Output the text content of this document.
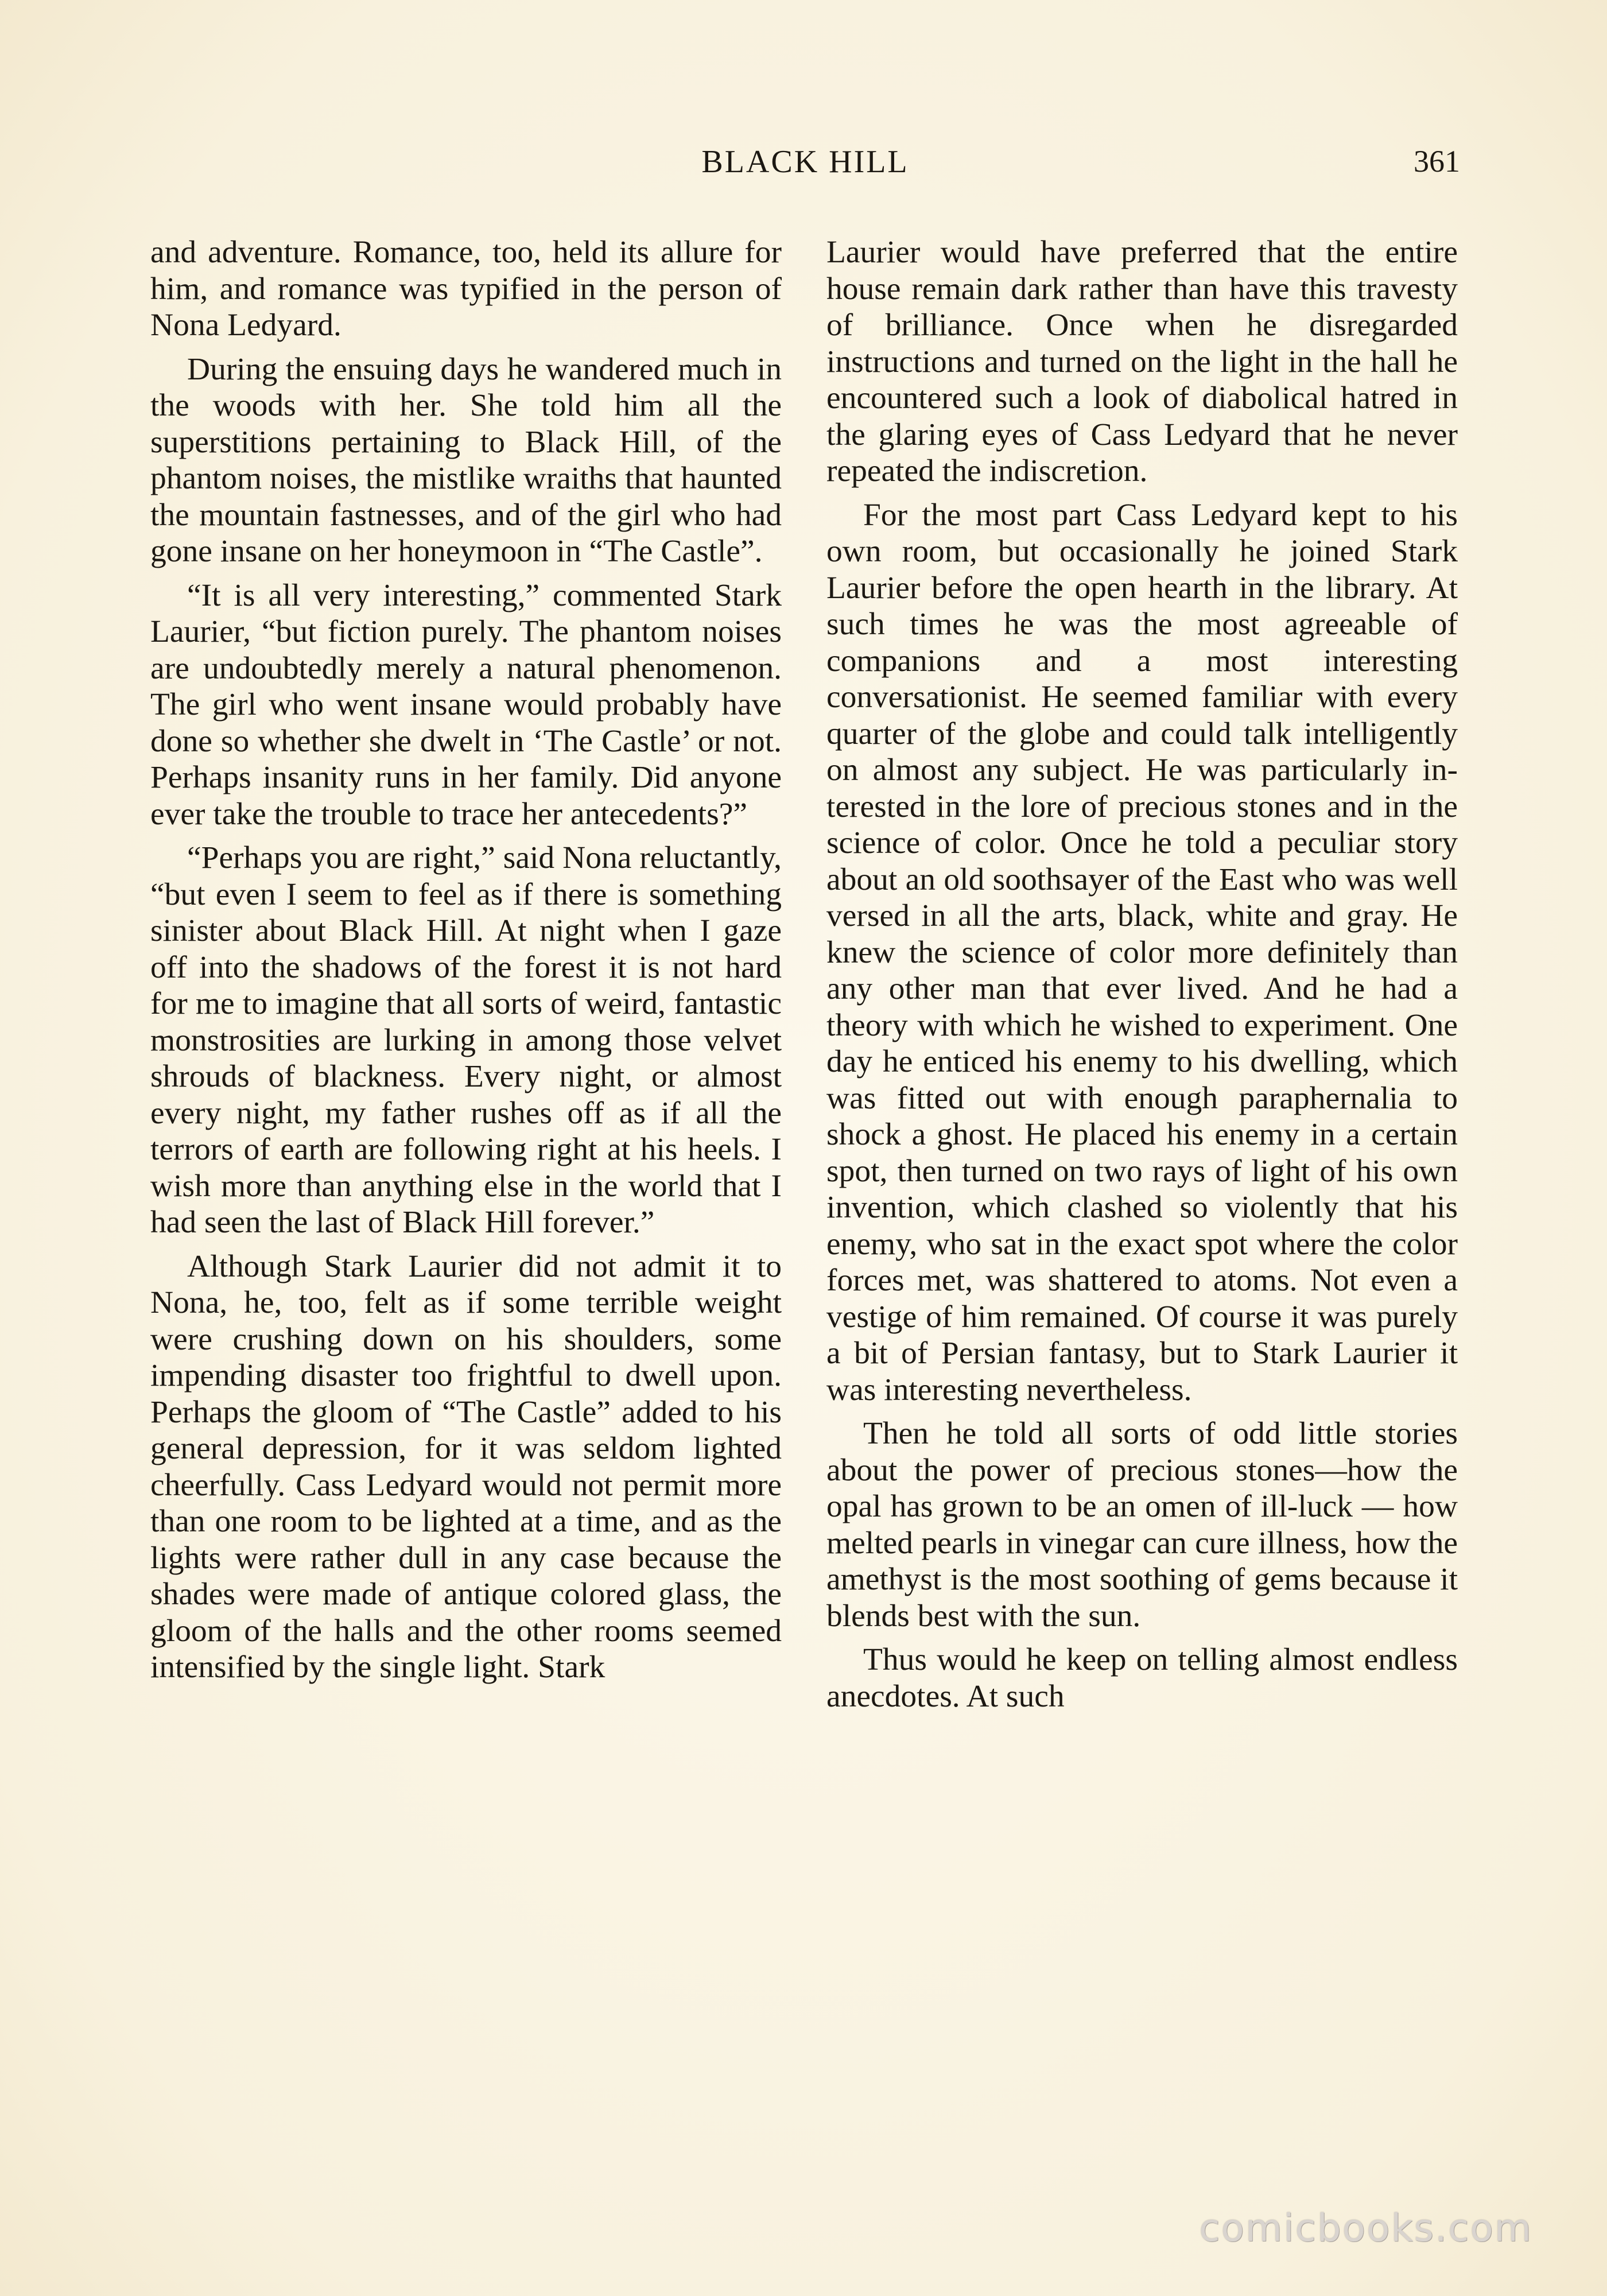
BLACK HILL	361

and adventure. Romance, too, held its allure for him, and romance was typified in the person of Nona Ledyard.

During the ensuing days he wandered much in the woods with her. She told him all the superstitions pertaining to Black Hill, of the phantom noises, the mistlike wraiths that haunted the mountain fastnesses, and of the girl who had gone insane on her honeymoon in “The Castle”.

“It is all very interesting,” commented Stark Laurier, “but fiction purely. The phantom noises are undoubtedly merely a natural phenomenon. The girl who went insane would probably have done so whether she dwelt in ‘The Castle’ or not. Perhaps insanity runs in her family. Did anyone ever take the trouble to trace her antecedents?”

“Perhaps you are right,” said Nona reluctantly, “but even I seem to feel as if there is something sinister about Black Hill. At night when I gaze off into the shadows of the forest it is not hard for me to imagine that all sorts of weird, fantastic monstrosities are lurking in among those velvet shrouds of blackness. Every night, or almost every night, my father rushes off as if all the terrors of earth are following right at his heels. I wish more than anything else in the world that I had seen the last of Black Hill forever.”

Although Stark Laurier did not admit it to Nona, he, too, felt as if some terrible weight were crushing down on his shoulders, some impending disaster too frightful to dwell upon. Perhaps the gloom of “The Castle” added to his general depression, for it was seldom lighted cheerfully. Cass Ledyard would not permit more than one room to be lighted at a time, and as the lights were rather dull in any case because the shades were made of antique colored glass, the gloom of the halls and the other rooms seemed intensified by the single light. Stark

Laurier would have preferred that the entire house remain dark rather than have this travesty of brilliance. Once when he disregarded instructions and turned on the light in the hall he encountered such a look of diabolical hatred in the glaring eyes of Cass Ledyard that he never repeated the indiscretion.

For the most part Cass Ledyard kept to his own room, but occasionally he joined Stark Laurier before the open hearth in the library. At such times he was the most agreeable of companions and a most interesting conversationist. He seemed familiar with every quarter of the globe and could talk intelligently on almost any subject. He was particularly interested in the lore of precious stones and in the science of color. Once he told a peculiar story about an old soothsayer of the East who was well versed in all the arts, black, white and gray. He knew the science of color more definitely than any other man that ever lived. And he had a theory with which he wished to experiment. One day he enticed his enemy to his dwelling, which was fitted out with enough paraphernalia to shock a ghost. He placed his enemy in a certain spot, then turned on two rays of light of his own invention, which clashed so violently that his enemy, who sat in the exact spot where the color forces met, was shattered to atoms. Not even a vestige of him remained. Of course it was purely a bit of Persian fantasy, but to Stark Laurier it was interesting nevertheless.

Then he told all sorts of odd little stories about the power of precious stones—how the opal has grown to be an omen of ill-luck — how melted pearls in vinegar can cure illness, how the amethyst is the most soothing of gems because it blends best with the sun.

Thus would he keep on telling almost endless anecdotes. At such

comicbooks.com
